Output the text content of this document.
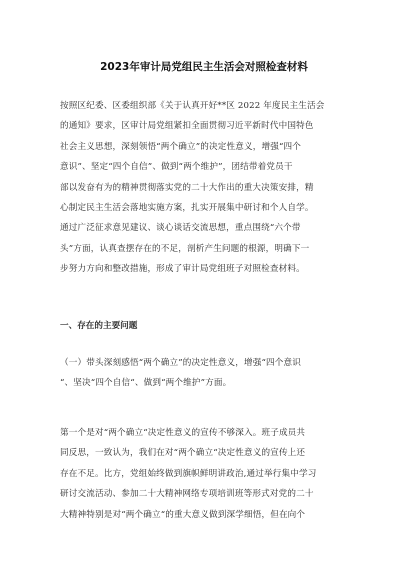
2023年审计局党组民主生活会对照检查材料
按照区纪委、区委组织部《关于认真开好**区 2022 年度民主生活会
的通知》要求，区审计局党组紧扣全面贯彻习近平新时代中国特色
社会主义思想，深刻领悟“两个确立”的决定性意义，增强“四个
意识”、坚定“四个自信”、做到“两个维护”，团结带着党员干
部以发奋有为的精神贯彻落实党的二十大作出的重大决策安排，精
心制定民主生活会落地实施方案，扎实开展集中研讨和个人自学。
通过广泛征求意见建议、谈心谈话交流思想，重点围绕“六个带
头”方面，认真查摆存在的不足，剖析产生问题的根源，明确下一
步努力方向和整改措施，形成了审计局党组班子对照检查材料。
一、存在的主要问题
（一）带头深刻感悟“两个确立”的决定性意义，增强“四个意识
“、坚决“四个自信“、做到“两个维护”方面。
第一个是对“两个确立“决定性意义的宣传不够深入。班子成员共
同反思，一致认为，我们在对“两个确立“决定性意义的宣传上还
存在不足。比方，党组始终做到旗帜鲜明讲政治,通过举行集中学习
研讨交流活动、参加二十大精神网络专项培训班等形式对党的二十
大精神特别是对“两个确立“的重大意义做到深学细悟，但在向个
